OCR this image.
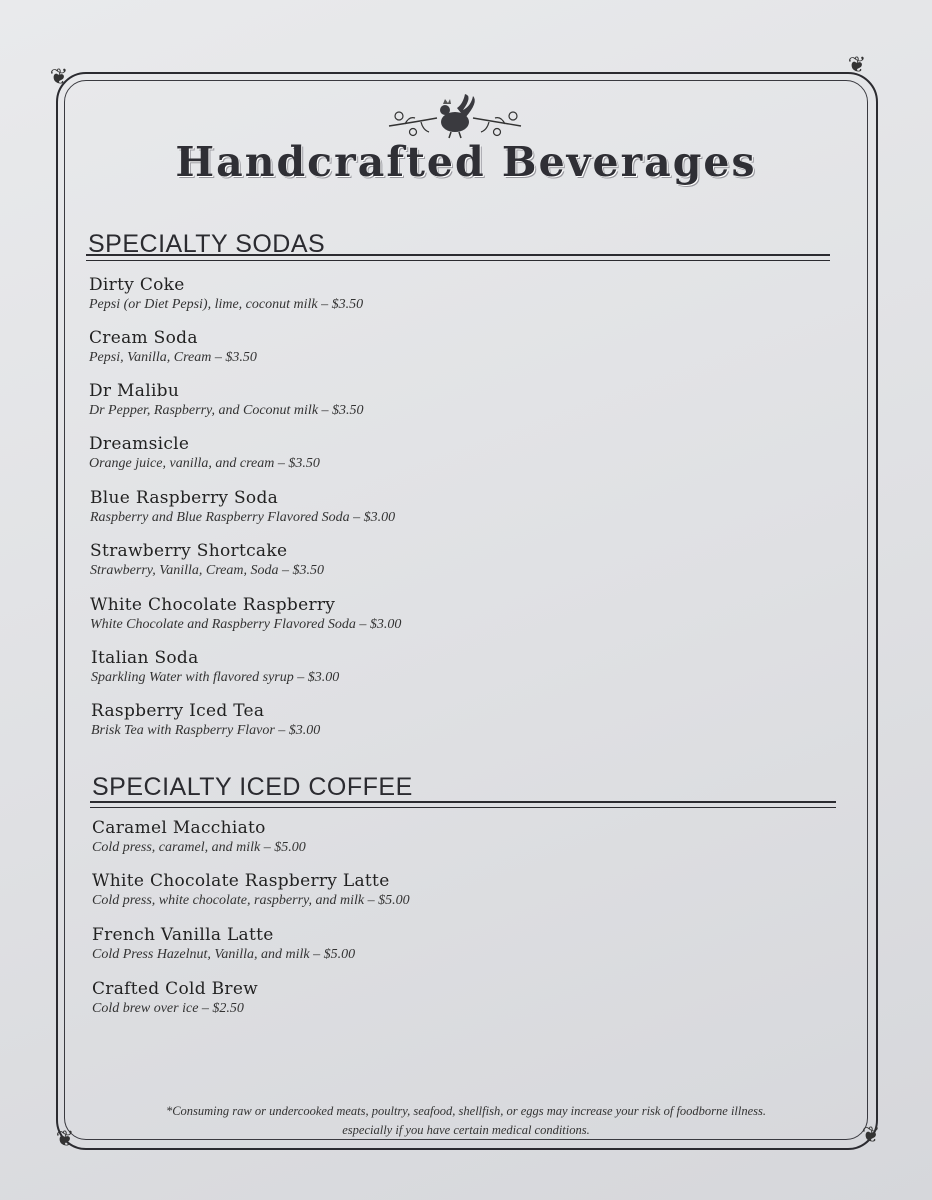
❦	❦
❦	❦
Handcrafted Beverages
SPECIALTY SODAS
Dirty Coke
Pepsi (or Diet Pepsi), lime, coconut milk – $3.50
Cream Soda
Pepsi, Vanilla, Cream – $3.50
Dr Malibu
Dr Pepper, Raspberry, and Coconut milk – $3.50
Dreamsicle
Orange juice, vanilla, and cream – $3.50
Blue Raspberry Soda
Raspberry and Blue Raspberry Flavored Soda – $3.00
Strawberry Shortcake
Strawberry, Vanilla, Cream, Soda – $3.50
White Chocolate Raspberry
White Chocolate and Raspberry Flavored Soda – $3.00
Italian Soda
Sparkling Water with flavored syrup – $3.00
Raspberry Iced Tea
Brisk Tea with Raspberry Flavor – $3.00
SPECIALTY ICED COFFEE
Caramel Macchiato
Cold press, caramel, and milk – $5.00
White Chocolate Raspberry Latte
Cold press, white chocolate, raspberry, and milk – $5.00
French Vanilla Latte
Cold Press Hazelnut, Vanilla, and milk – $5.00
Crafted Cold Brew
Cold brew over ice – $2.50
*Consuming raw or undercooked meats, poultry, seafood, shellfish, or eggs may increase your risk of foodborne illness.
especially if you have certain medical conditions.
